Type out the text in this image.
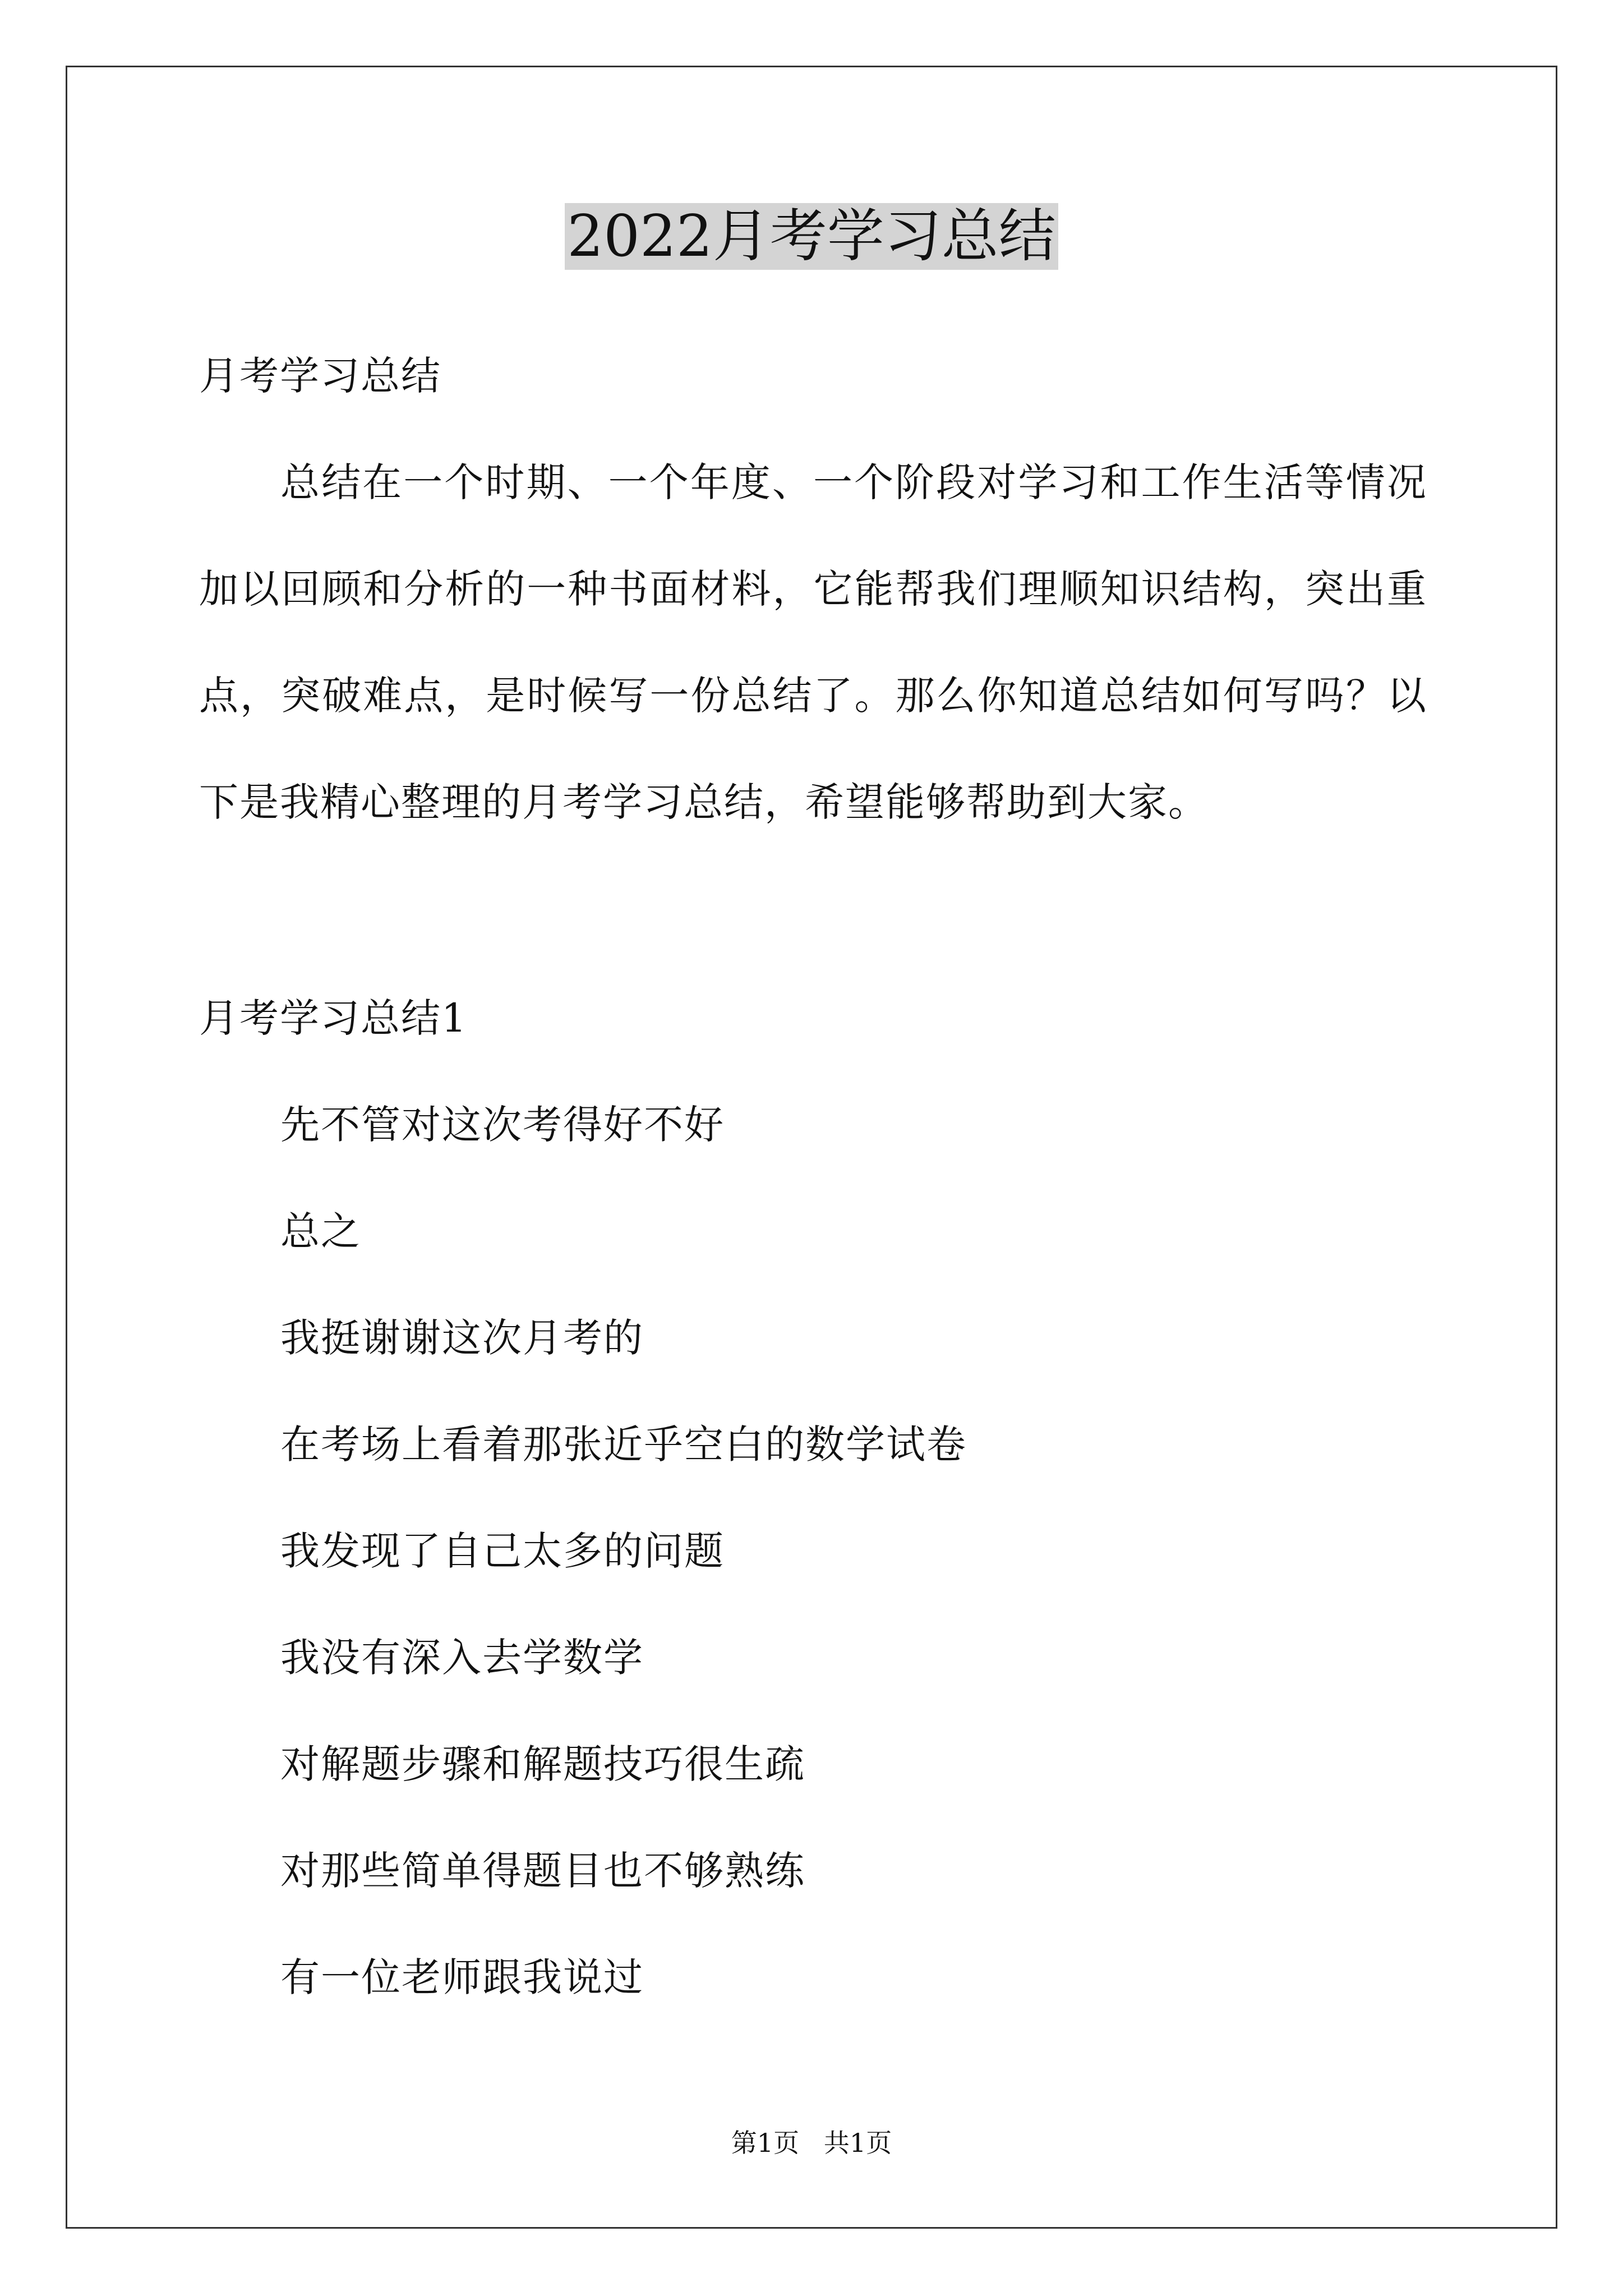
2022月考学习总结
月考学习总结
总结在一个时期、一个年度、一个阶段对学习和工作生活等情况
加以回顾和分析的一种书面材料，它能帮我们理顺知识结构，突出重
点，突破难点，是时候写一份总结了。那么你知道总结如何写吗？以
下是我精心整理的月考学习总结，希望能够帮助到大家。
月考学习总结1
先不管对这次考得好不好
总之
我挺谢谢这次月考的
在考场上看着那张近乎空白的数学试卷
我发现了自己太多的问题
我没有深入去学数学
对解题步骤和解题技巧很生疏
对那些简单得题目也不够熟练
有一位老师跟我说过
第1页   共1页
